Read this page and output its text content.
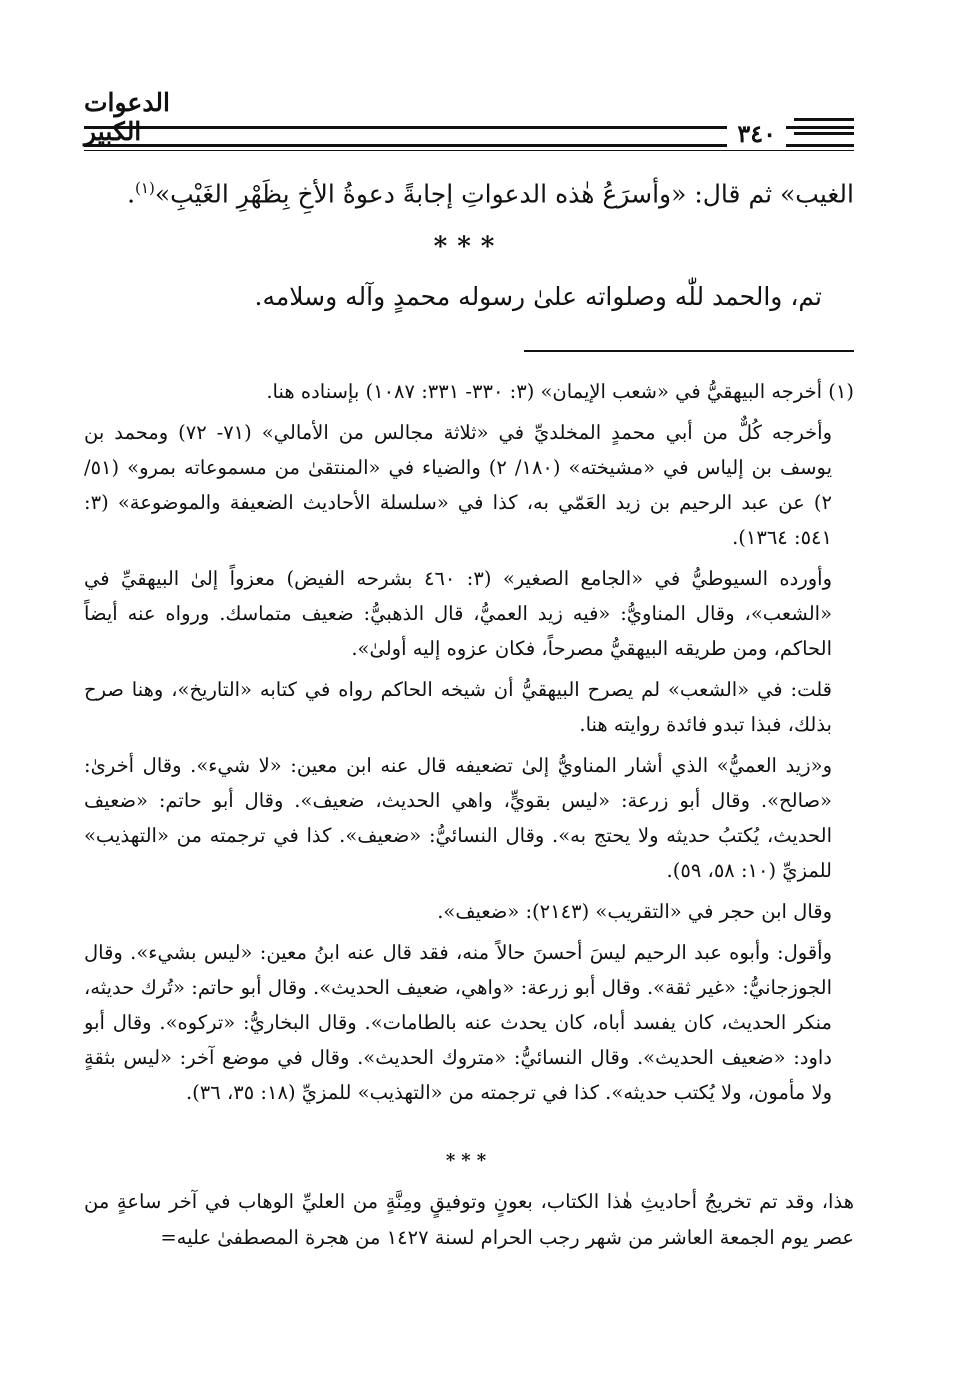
الدعوات الكبير	٣٤٠

الغيب» ثم قال: «وأسرَعُ هٰذه الدعواتِ إجابةً دعوةُ الأخِ بِظَهْرِ الغَيْبِ»$^{(١)}$.

***
تم، والحمد للّٰه وصلواته علىٰ رسوله محمدٍ وآله وسلامه.

(١) أخرجه البيهقيُّ في «شعب الإيمان» (٣: ٣٣٠- ٣٣١: ١٠٨٧) بإسناده هنا.

وأخرجه كُلٌّ من أبي محمدٍ المخلديِّ في «ثلاثة مجالس من الأمالي» (٧١- ٧٢) ومحمد بن يوسف بن إلياس في «مشيخته» (١٨٠/ ٢) والضياء في «المنتقىٰ من مسموعاته بمرو» (٥١/ ٢) عن عبد الرحيم بن زيد العَمّي به، كذا في «سلسلة الأحاديث الضعيفة والموضوعة» (٣: ٥٤١: ١٣٦٤).

وأورده السيوطيُّ في «الجامع الصغير» (٣: ٤٦٠ بشرحه الفيض) معزواً إلىٰ البيهقيِّ في «الشعب»، وقال المناويُّ: «فيه زيد العميُّ، قال الذهبيُّ: ضعيف متماسك. ورواه عنه أيضاً الحاكم، ومن طريقه البيهقيُّ مصرحاً، فكان عزوه إليه أولىٰ».

قلت: في «الشعب» لم يصرح البيهقيُّ أن شيخه الحاكم رواه في كتابه «التاريخ»، وهنا صرح بذلك، فبذا تبدو فائدة روايته هنا.

و«زيد العميُّ» الذي أشار المناويُّ إلىٰ تضعيفه قال عنه ابن معين: «لا شيء». وقال أخرىٰ: «صالح». وقال أبو زرعة: «ليس بقويٍّ، واهي الحديث، ضعيف». وقال أبو حاتم: «ضعيف الحديث، يُكتبُ حديثه ولا يحتج به». وقال النسائيُّ: «ضعيف». كذا في ترجمته من «التهذيب» للمزيِّ (١٠: ٥٨، ٥٩).

وقال ابن حجر في «التقريب» (٢١٤٣): «ضعيف».

وأقول: وأبوه عبد الرحيم ليسَ أحسنَ حالاً منه، فقد قال عنه ابنُ معين: «ليس بشيء». وقال الجوزجانيُّ: «غير ثقة». وقال أبو زرعة: «واهي، ضعيف الحديث». وقال أبو حاتم: «تُرك حديثه، منكر الحديث، كان يفسد أباه، كان يحدث عنه بالطامات». وقال البخاريُّ: «تركوه». وقال أبو داود: «ضعيف الحديث». وقال النسائيُّ: «متروك الحديث». وقال في موضع آخر: «ليس بثقةٍ ولا مأمون، ولا يُكتب حديثه». كذا في ترجمته من «التهذيب» للمزيِّ (١٨: ٣٥، ٣٦).

***
هذا، وقد تم تخريجُ أحاديثِ هٰذا الكتاب، بعونٍ وتوفيقٍ ومِنَّةٍ من العليِّ الوهاب في آخر ساعةٍ من عصر يوم الجمعة العاشر من شهر رجب الحرام لسنة ١٤٢٧ من هجرة المصطفىٰ عليه=
